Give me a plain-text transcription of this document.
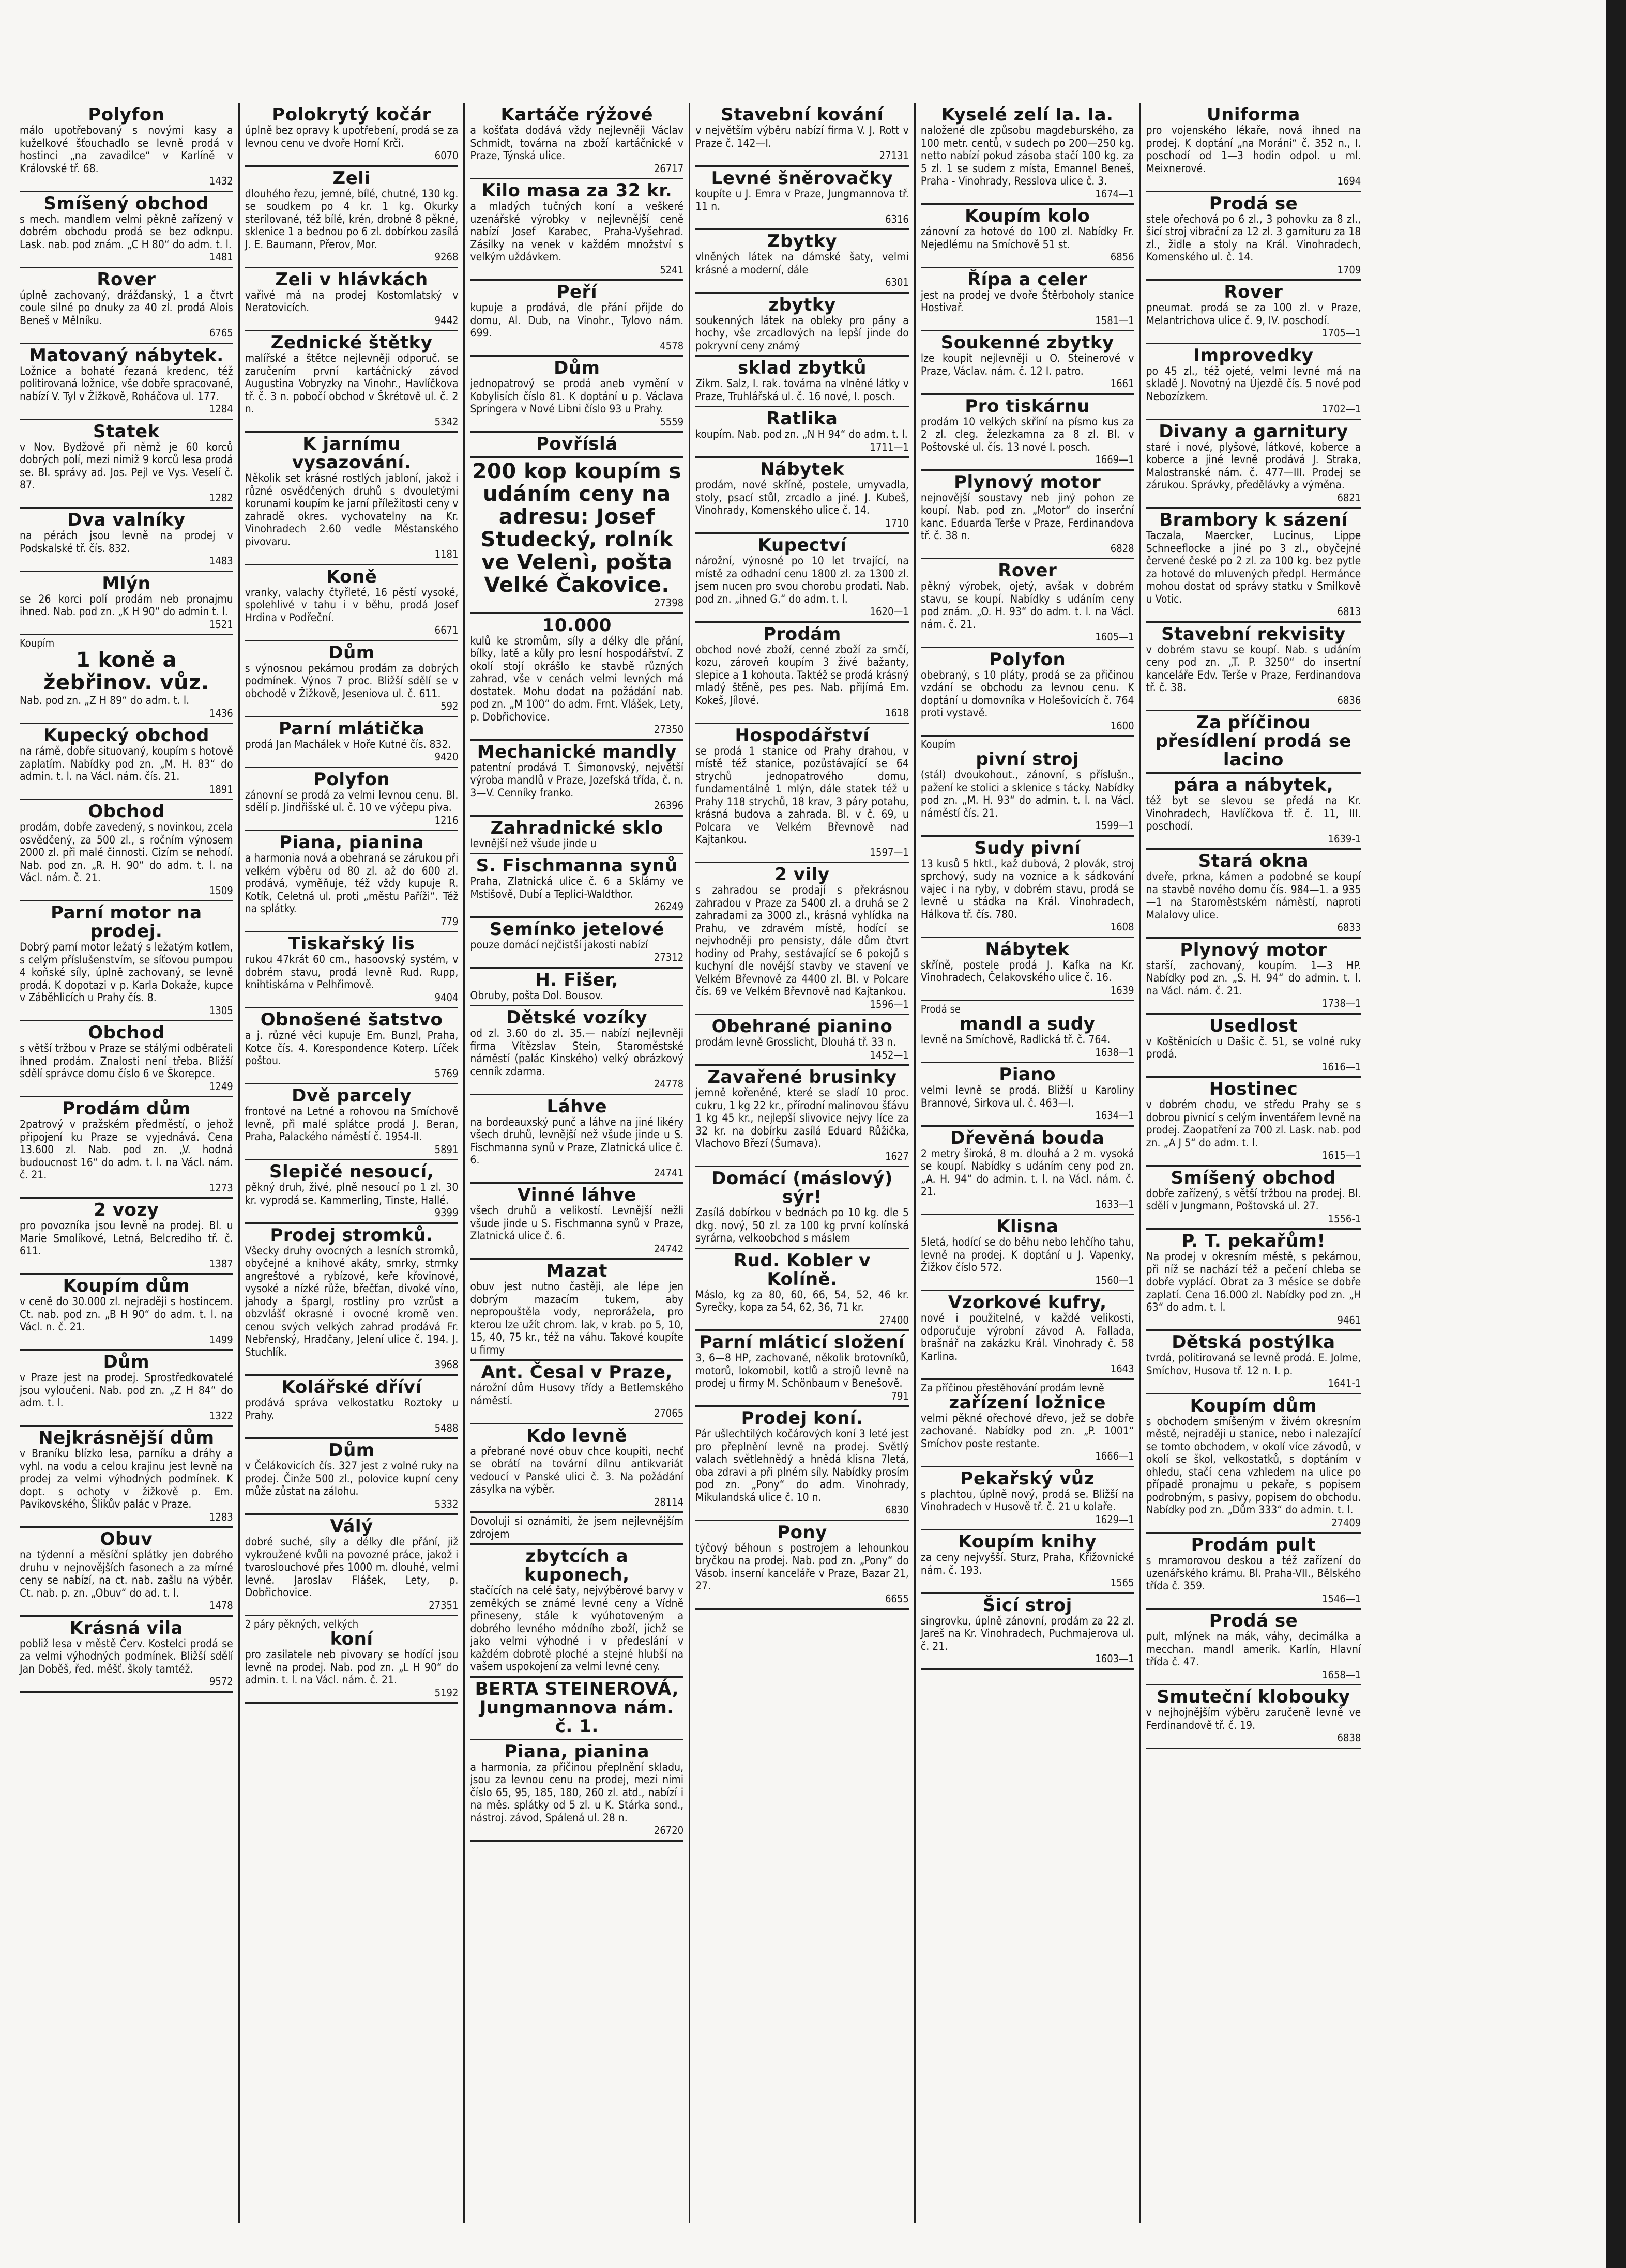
Polyfon

málo upotřebovaný s novými kasy a kuželkové šťouchadlo se levně prodá v hostinci „na zavadilce“ v Karlíně v Královské tř. 68.

1432

Smíšený obchod

s mech. mandlem velmi pěkně zařízený v dobrém obchodu prodá se bez odknpu. Lask. nab. pod znám. „C H 80“ do adm. t. l.

1481

Rover

úplně zachovaný, drážďanský, 1 a čtvrt coule silné po dnuky za 40 zl. prodá Alois Beneš v Mělníku.

6765

Matovaný nábytek.

Ložnice a bohaté řezaná kredenc, též politirovaná ložnice, vše dobře spracované, nabízí V. Tyl v Žižkově, Roháčova ul. 177.

1284

Statek

v Nov. Bydžově při němž je 60 korců dobrých polí, mezi nimiž 9 korců lesa prodá se. Bl. správy ad. Jos. Pejl ve Vys. Veselí č. 87.

1282

Dva valníky

na pérách jsou levně na prodej v Podskalské tř. čís. 832.

1483

Mlýn

se 26 korci polí prodám neb pronajmu ihned. Nab. pod zn. „K H 90“ do admin t. l.

1521

Koupím

1 koně a žebřinov. vůz.

Nab. pod zn. „Z H 89“ do adm. t. l.

1436

Kupecký obchod

na rámě, dobře situovaný, koupím s hotově zaplatím. Nabídky pod zn. „M. H. 83“ do admin. t. l. na Václ. nám. čís. 21.

1891

Obchod

prodám, dobře zavedený, s novinkou, zcela osvědčený, za 500 zl., s ročním výnosem 2000 zl. při malé činnosti. Cizím se nehodí. Nab. pod zn. „R. H. 90“ do adm. t. l. na Václ. nám. č. 21.

1509

Parní motor na prodej.

Dobrý parní motor ležatý s ležatým kotlem, s celým příslušenstvím, se síťovou pumpou 4 koňské síly, úplně zachovaný, se levně prodá. K dopotazi v p. Karla Dokaže, kupce v Záběhlicích u Prahy čís. 8.

1305

Obchod

s větší tržbou v Praze se stálými odběrateli ihned prodám. Znalosti není třeba. Bližší sdělí správce domu číslo 6 ve Škorepce.

1249

Prodám dům

2patrový v pražském předměstí, o jehož připojení ku Praze se vyjednává. Cena 13.600 zl. Nab. pod zn. „V. hodná budoucnost 16“ do adm. t. l. na Václ. nám. č. 21.

1273

2 vozy

pro povozníka jsou levně na prodej. Bl. u Marie Smolíkové, Letná, Belcrediho tř. č. 611.

1387

Koupím dům

v ceně do 30.000 zl. nejraději s hostincem. Ct. nab. pod zn. „B H 90“ do adm. t. l. na Václ. n. č. 21.

1499

Dům

v Praze jest na prodej. Sprostředkovatelé jsou vyloučeni. Nab. pod zn. „Z H 84“ do adm. t. l.

1322

Nejkrásnější dům

v Braníku blízko lesa, parníku a dráhy a vyhl. na vodu a celou krajinu jest levně na prodej za velmi výhodných podmínek. K dopt. s ochoty v žižkově p. Em. Pavikovského, Šlikův palác v Praze.

1283

Obuv

na týdenní a měsíční splátky jen dobrého druhu v nejnovějších fasonech a za mírné ceny se nabízí, na ct. nab. zašlu na výběr. Ct. nab. p. zn. „Obuv“ do ad. t. l.

1478

Krásná vila

pobliž lesa v městě Červ. Kostelci prodá se za velmi výhodných podmínek. Bližší sdělí Jan Doběš, řed. měšť. školy tamtéž.

9572

Polokrytý kočár

úplně bez opravy k upotřebení, prodá se za levnou cenu ve dvoře Horní Krči.

6070

Zeli

dlouhého řezu, jemné, bílé, chutné, 130 kg. se soudkem po 4 kr. 1 kg. Okurky sterilované, též bílé, krén, drobné 8 pěkné, sklenice 1 a bednou po 6 zl. dobírkou zasílá J. E. Baumann, Přerov, Mor.

9268

Zeli v hlávkách

vařivé má na prodej Kostomlatský v Neratovicích.

9442

Zednické štětky

malířské a štětce nejlevněji odporuč. se zaručením první kartáčnický závod Augustina Vobryzky na Vinohr., Havlíčkova tř. č. 3 n. pobočí obchod v Škrétově ul. č. 2 n.

5342

K jarnímu vysazování.

Několik set krásné rostlých jabloní, jakož i různé osvědčených druhů s dvouletými korunami koupím ke jarní příležitosti ceny v zahradě okres. vychovatelny na Kr. Vinohradech 2.60 vedle Městanského pivovaru.

1181

Koně

vranky, valachy čtyřleté, 16 pěstí vysoké, spolehlivé v tahu i v běhu, prodá Josef Hrdina v Podřeční.

6671

Dům

s výnosnou pekárnou prodám za dobrých podmínek. Výnos 7 proc. Bližší sdělí se v obchodě v Žižkově, Jeseniova ul. č. 611.

592

Parní mlátička

prodá Jan Machálek v Hoře Kutné čís. 832.

9420

Polyfon

zánovní se prodá za velmi levnou cenu. Bl. sdělí p. Jindřišské ul. č. 10 ve výčepu piva.

1216

Piana, pianina

a harmonia nová a obehraná se zárukou při velkém výběru od 80 zl. až do 600 zl. prodává, vyměňuje, též vždy kupuje R. Kotík, Celetná ul. proti „městu Paříži“. Též na splátky.

779

Tiskařský lis

rukou 47krát 60 cm., hasoovský systém, v dobrém stavu, prodá levně Rud. Rupp, knihtiskárna v Pelhřimově.

9404

Obnošené šatstvo

a j. různé věci kupuje Em. Bunzl, Praha, Kotce čís. 4. Korespondence Koterp. Líček poštou.

5769

Dvě parcely

frontové na Letné a rohovou na Smíchově levně, při malé splátce prodá J. Beran, Praha, Palackého náměstí č. 1954-II.

5891

Slepičé nesoucí,

pěkný druh, živé, plně nesoucí po 1 zl. 30 kr. vyprodá se. Kammerling, Tinste, Hallé.

9399

Prodej stromků.

Všecky druhy ovocných a lesních stromků, obyčejné a knihové akáty, smrky, strmky angreštové a rybízové, keře křovinové, vysoké a nízké růže, břečťan, divoké víno, jahody a špargl, rostliny pro vzrůst a obzvlášť okrasné i ovocné kromě ven. cenou svých velkých zahrad prodává Fr. Nebřenský, Hradčany, Jelení ulice č. 194. J. Stuchlík.

3968

Kolářské dříví

prodává správa velkostatku Roztoky u Prahy.

5488

Dům

v Čelákovicích čís. 327 jest z volné ruky na prodej. Činže 500 zl., polovice kupní ceny může zůstat na zálohu.

5332

Válý

dobré suché, síly a délky dle přání, již vykroužené kvůli na povozné práce, jakož i tvaroslouchové přes 1000 m. dlouhé, velmi levně. Jaroslav Flášek, Lety, p. Dobřichovice.

27351

2 páry pěkných, velkých

koní

pro zasilatele neb pivovary se hodící jsou levně na prodej. Nab. pod zn. „L H 90“ do admin. t. l. na Václ. nám. č. 21.

5192

Kartáče rýžové

a košťata dodává vždy nejlevněji Václav Schmidt, továrna na zboží kartáčnické v Praze, Týnská ulice.

26717

Kilo masa za 32 kr.

a mladých tučných koní a veškeré uzenářské výrobky v nejlevnější ceně nabízí Josef Karabec, Praha-Vyšehrad. Zásilky na venek v každém množství s velkým uždávkem.

5241

Peří

kupuje a prodává, dle přání přijde do domu, Al. Dub, na Vinohr., Tylovo nám. 699.

4578

Dům

jednopatrový se prodá aneb vymění v Kobylisích číslo 81. K doptání u p. Václava Springera v Nové Libni číslo 93 u Prahy.

5559

Povříslá
200 kop koupím s udáním ceny na adresu: Josef Studecký, rolník ve Velenì, pošta Velké Čakovice.

27398

10.000

kulů ke stromům, síly a délky dle přání, bílky, latě a kůly pro lesní hospodářství. Z okolí stojí okrášlo ke stavbě různých zahrad, vše v cenách velmi levných má dostatek. Mohu dodat na požádání nab. pod zn. „M 100“ do adm. Frnt. Vlášek, Lety, p. Dobřichovice.

27350

Mechanické mandly

patentní prodává T. Šimonovský, největší výroba mandlů v Praze, Jozefská třída, č. n. 3—V. Cenníky franko.

26396

Zahradnické sklo

levnější než všude jinde u

S. Fischmanna synů

Praha, Zlatnická ulice č. 6 a Sklárny ve Mstišově, Dubí a Teplici-Waldthor.

26249

Semínko jetelové

pouze domácí nejčistší jakosti nabízí

27312

H. Fišer,

Obruby, pošta Dol. Bousov.

Dětské vozíky

od zl. 3.60 do zl. 35.— nabízí nejlevněji firma Vítězslav Stein, Staroměstské náměstí (palác Kinského) velký obrázkový cenník zdarma.

24778

Láhve

na bordeauxský punč a láhve na jiné likéry všech druhů, levnější než všude jinde u S. Fischmanna synů v Praze, Zlatnická ulice č. 6.

24741

Vinné láhve

všech druhů a velikostí. Levnější nežli všude jinde u S. Fischmanna synů v Praze, Zlatnická ulice č. 6.

24742

Mazat

obuv jest nutno častěji, ale lépe jen dobrým mazacím tukem, aby nepropouštěla vody, neprorážela, pro kterou lze užít chrom. lak, v krab. po 5, 10, 15, 40, 75 kr., též na váhu. Takové koupíte u firmy

Ant. Česal v Praze,

nárožní dům Husovy třídy a Betlemského náměstí.

27065

Kdo levně

a přebrané nové obuv chce koupiti, nechť se obrátí na tovární dílnu antikvariát vedoucí v Panské ulici č. 3. Na požádání zásylka na výběr.

28114

Dovoluji si oznámiti, že jsem nejlevnějším zdrojem

zbytcích a kuponech,

stačících na celé šaty, nejvýběrové barvy v zeměkých se známé levné ceny a Vídně přineseny, stále k vyúhotoveným a dobrého levného módního zboží, jichž se jako velmi výhodné i v předeslání v každém dobrotě ploché a stejné hlubší na vašem uspokojení za velmi levné ceny.

BERTA STEINEROVÁ, Jungmannova nám. č. 1.
Piana, pianina

a harmonia, za přičinou přeplnění skladu, jsou za levnou cenu na prodej, mezi nimi číslo 65, 95, 185, 180, 260 zl. atd., nabízí i na měs. splátky od 5 zl. u K. Stárka sond., nástroj. závod, Spálená ul. 28 n.

26720

Stavební kování

v největším výběru nabízí firma V. J. Rott v Praze č. 142—I.

27131

Levné šněrovačky

koupíte u J. Emra v Praze, Jungmannova tř. 11 n.

6316

Zbytky

vlněných látek na dámské šaty, velmi krásné a moderní, dále

6301

zbytky

soukenných látek na obleky pro pány a hochy, vše zrcadlových na lepší jinde do pokryvní ceny známý

sklad zbytků

Zikm. Salz, I. rak. továrna na vlněné látky v Praze, Truhlářská ul. č. 16 nové, I. posch.

Ratlika

koupím. Nab. pod zn. „N H 94“ do adm. t. l.

1711—1

Nábytek

prodám, nové skříně, postele, umyvadla, stoly, psací stůl, zrcadlo a jiné. J. Kubeš, Vinohrady, Komenského ulice č. 14.

1710

Kupectví

nárožní, výnosné po 10 let trvající, na místě za odhadní cenu 1800 zl. za 1300 zl. jsem nucen pro svou chorobu prodati. Nab. pod zn. „ihned G.“ do adm. t. l.

1620—1

Prodám

obchod nové zboží, cenné zboží za srnčí, kozu, zároveň koupím 3 živé bažanty, slepice a 1 kohouta. Taktéž se prodá krásný mladý štěně, pes pes. Nab. přijímá Em. Kokeš, Jílové.

1618

Hospodářství

se prodá 1 stanice od Prahy drahou, v místě též stanice, pozůstávající se 64 strychů jednopatrového domu, fundamentálně 1 mlýn, dále statek též u Prahy 118 strychů, 18 krav, 3 páry potahu, krásná budova a zahrada. Bl. v č. 69, u Polcara ve Velkém Břevnově nad Kajtankou.

1597—1

2 vily

s zahradou se prodají s překrásnou zahradou v Praze za 5400 zl. a druhá se 2 zahradami za 3000 zl., krásná vyhlídka na Prahu, ve zdravém místě, hodící se nejvhodněji pro pensisty, dále dům čtvrt hodiny od Prahy, sestávající se 6 pokojů s kuchyní dle novější stavby ve stavení ve Velkém Břevnově za 4400 zl. Bl. v Polcare čís. 69 ve Velkém Břevnově nad Kajtankou.

1596—1

Obehrané pianino

prodám levně Grosslicht, Dlouhá tř. 33 n.

1452—1

Zavařené brusinky

jemně kořeněné, které se sladí 10 proc. cukru, 1 kg 22 kr., přírodní malinovou šťávu 1 kg 45 kr., nejlepší slivovice nejvy líce za 32 kr. na dobírku zasílá Eduard Růžička, Vlachovo Březí (Šumava).

1627

Domácí (máslový) sýr!

Zasílá dobírkou v bednách po 10 kg. dle 5 dkg. nový, 50 zl. za 100 kg první kolínská syrárna, velkoobchod s máslem

Rud. Kobler v Kolíně.

Máslo, kg za 80, 60, 66, 54, 52, 46 kr. Syrečky, kopa za 54, 62, 36, 71 kr.

27400

Parní mláticí složení

3, 6—8 HP, zachované, několik brotovníků, motorů, lokomobil, kotlů a strojů levně na prodej u firmy M. Schönbaum v Benešově.

791

Prodej koní.

Pár ušlechtilých kočárových koní 3 leté jest pro přeplnění levně na prodej. Světlý valach světlehnědý a hnědá klisna 7letá, oba zdravi a při plném síly. Nabídky prosím pod zn. „Pony“ do adm. Vinohrady, Mikulandská ulice č. 10 n.

6830

Pony

týčový běhoun s postrojem a lehounkou bryčkou na prodej. Nab. pod zn. „Pony“ do Vásob. inserní kanceláře v Praze, Bazar 21, 27.

6655

Kyselé zelí Ia. Ia.

naložené dle způsobu magdeburského, za 100 metr. centů, v sudech po 200—250 kg. netto nabízí pokud zásoba stačí 100 kg. za 5 zl. 1 se sudem z místa, Emannel Beneš, Praha - Vinohrady, Resslova ulice č. 3.

1674—1

Koupím kolo

zánovní za hotové do 100 zl. Nabídky Fr. Nejedlému na Smíchově 51 st.

6856

Řípa a celer

jest na prodej ve dvoře Štěrboholy stanice Hostivař.

1581—1

Soukenné zbytky

lze koupit nejlevněji u O. Steinerové v Praze, Václav. nám. č. 12 I. patro.

1661

Pro tiskárnu

prodám 10 velkých skříní na písmo kus za 2 zl. cleg. železkamna za 8 zl. Bl. v Poštovské ul. čís. 13 nové I. posch.

1669—1

Plynový motor

nejnovější soustavy neb jiný pohon ze koupí. Nab. pod zn. „Motor“ do inserční kanc. Eduarda Terše v Praze, Ferdinandova tř. č. 38 n.

6828

Rover

pěkný výrobek, ojetý, avšak v dobrém stavu, se koupí. Nabídky s udáním ceny pod znám. „O. H. 93“ do adm. t. l. na Václ. nám. č. 21.

1605—1

Polyfon

obebraný, s 10 pláty, prodá se za přičinou vzdání se obchodu za levnou cenu. K doptání u domovníka v Holešovicích č. 764 proti vystavě.

1600

Koupím

pivní stroj

(stál) dvoukohout., zánovní, s příslušn., pažení ke stolici a sklenice s tácky. Nabídky pod zn. „M. H. 93“ do admin. t. l. na Václ. náměstí čís. 21.

1599—1

Sudy pivní

13 kusů 5 hktl., kaž dubová, 2 plovák, stroj sprchový, sudy na voznice a k sádkování vajec i na ryby, v dobrém stavu, prodá se levně u stádka na Král. Vinohradech, Hálkova tř. čís. 780.

1608

Nábytek

skříně, postele prodá J. Kafka na Kr. Vinohradech, Čelakovského ulice č. 16.

1639

Prodá se

mandl a sudy

levně na Smíchově, Radlická tř. č. 764.

1638—1

Piano

velmi levně se prodá. Bližší u Karoliny Brannové, Sirkova ul. č. 463—I.

1634—1

Dřevěná bouda

2 metry široká, 8 m. dlouhá a 2 m. vysoká se koupí. Nabídky s udáním ceny pod zn. „A. H. 94“ do admin. t. l. na Václ. nám. č. 21.

1633—1

Klisna

5letá, hodící se do běhu nebo lehčího tahu, levně na prodej. K doptání u J. Vapenky, Žižkov číslo 572.

1560—1

Vzorkové kufry,

nové i použitelné, v každé velikosti, odporučuje výrobní závod A. Fallada, brašnář na zakázku Král. Vinohrady č. 58 Karlina.

1643

Za příčinou přestěhování prodám levně

zařízení ložnice

velmi pěkné ořechové dřevo, jež se dobře zachované. Nabídky pod zn. „P. 1001“ Smíchov poste restante.

1666—1

Pekařský vůz

s plachtou, úplně nový, prodá se. Bližší na Vinohradech v Husově tř. č. 21 u kolaře.

1629—1

Koupím knihy

za ceny nejvyšší. Sturz, Praha, Křižovnické nám. č. 193.

1565

Šicí stroj

singrovku, úplně zánovní, prodám za 22 zl. Jareš na Kr. Vinohradech, Puchmajerova ul. č. 21.

1603—1

Uniforma

pro vojenského lékaře, nová ihned na prodej. K doptání „na Moráni“ č. 352 n., I. poschodí od 1—3 hodin odpol. u ml. Meixnerové.

1694

Prodá se

stele ořechová po 6 zl., 3 pohovku za 8 zl., šicí stroj vibrační za 12 zl. 3 garnituru za 18 zl., židle a stoly na Král. Vinohradech, Komenského ul. č. 14.

1709

Rover

pneumat. prodá se za 100 zl. v Praze, Melantrichova ulice č. 9, IV. poschodí.

1705—1

Improvedky

po 45 zl., též ojeté, velmi levné má na skladě J. Novotný na Újezdě čís. 5 nové pod Nebozízkem.

1702—1

Divany a garnitury

staré i nové, plyšové, látkové, koberce a koberce a jiné levně prodává J. Straka, Malostranské nám. č. 477—III. Prodej se zárukou. Správky, předělávky a výměna.

6821

Brambory k sázení

Taczala, Maercker, Lucinus, Lippe Schneeflocke a jiné po 3 zl., obyčejné červené české po 2 zl. za 100 kg. bez pytle za hotové do mluvených předpl. Hermánce mohou dostat od správy statku v Smilkově u Votic.

6813

Stavební rekvisity

v dobrém stavu se koupí. Nab. s udáním ceny pod zn. „T. P. 3250“ do insertní kanceláře Edv. Terše v Praze, Ferdinandova tř. č. 38.

6836

Za příčinou přesídlení prodá se lacino
pára a nábytek,

též byt se slevou se předá na Kr. Vinohradech, Havlíčkova tř. č. 11, III. poschodí.

1639-1

Stará okna

dveře, prkna, kámen a podobné se koupí na stavbě nového domu čís. 984—1. a 935—1 na Staroměstském náměstí, naproti Malalovy ulice.

6833

Plynový motor

starší, zachovaný, koupím. 1—3 HP. Nabídky pod zn. „S. H. 94“ do admin. t. l. na Václ. nám. č. 21.

1738—1

Usedlost

v Koštěnicích u Dašic č. 51, se volné ruky prodá.

1616—1

Hostinec

v dobrém chodu, ve středu Prahy se s dobrou pivnicí s celým inventářem levně na prodej. Zaopatření za 700 zl. Lask. nab. pod zn. „A J 5“ do adm. t. l.

1615—1

Smíšený obchod

dobře zařízený, s větší tržbou na prodej. Bl. sdělí v Jungmann, Poštovská ul. 27.

1556-1

P. T. pekařům!

Na prodej v okresním městě, s pekárnou, při níž se nachází též a pečení chleba se dobře vyplácí. Obrat za 3 měsíce se dobře zaplatí. Cena 16.000 zl. Nabídky pod zn. „H 63“ do adm. t. l.

9461

Dětská postýlka

tvrdá, politirovaná se levně prodá. E. Jolme, Smíchov, Husova tř. 12 n. I. p.

1641-1

Koupím dům

s obchodem smíšeným v živém okresním městě, nejraději u stanice, nebo i nalezající se tomto obchodem, v okolí více závodů, v okolí se škol, velkostatků, s doptáním v ohledu, stačí cena vzhledem na ulice po případě pronajmu u pekaře, s popisem podrobným, s pasivy, popisem do obchodu. Nabídky pod zn. „Dům 333“ do admin. t. l.

27409

Prodám pult

s mramorovou deskou a též zařízení do uzenářského krámu. Bl. Praha-VII., Bělského třída č. 359.

1546—1

Prodá se

pult, mlýnek na mák, váhy, decimálka a mecchan. mandl amerik. Karlín, Hlavní třída č. 47.

1658—1

Smuteční klobouky

v nejhojnějším výběru zaručeně levně ve Ferdinandově tř. č. 19.

6838
